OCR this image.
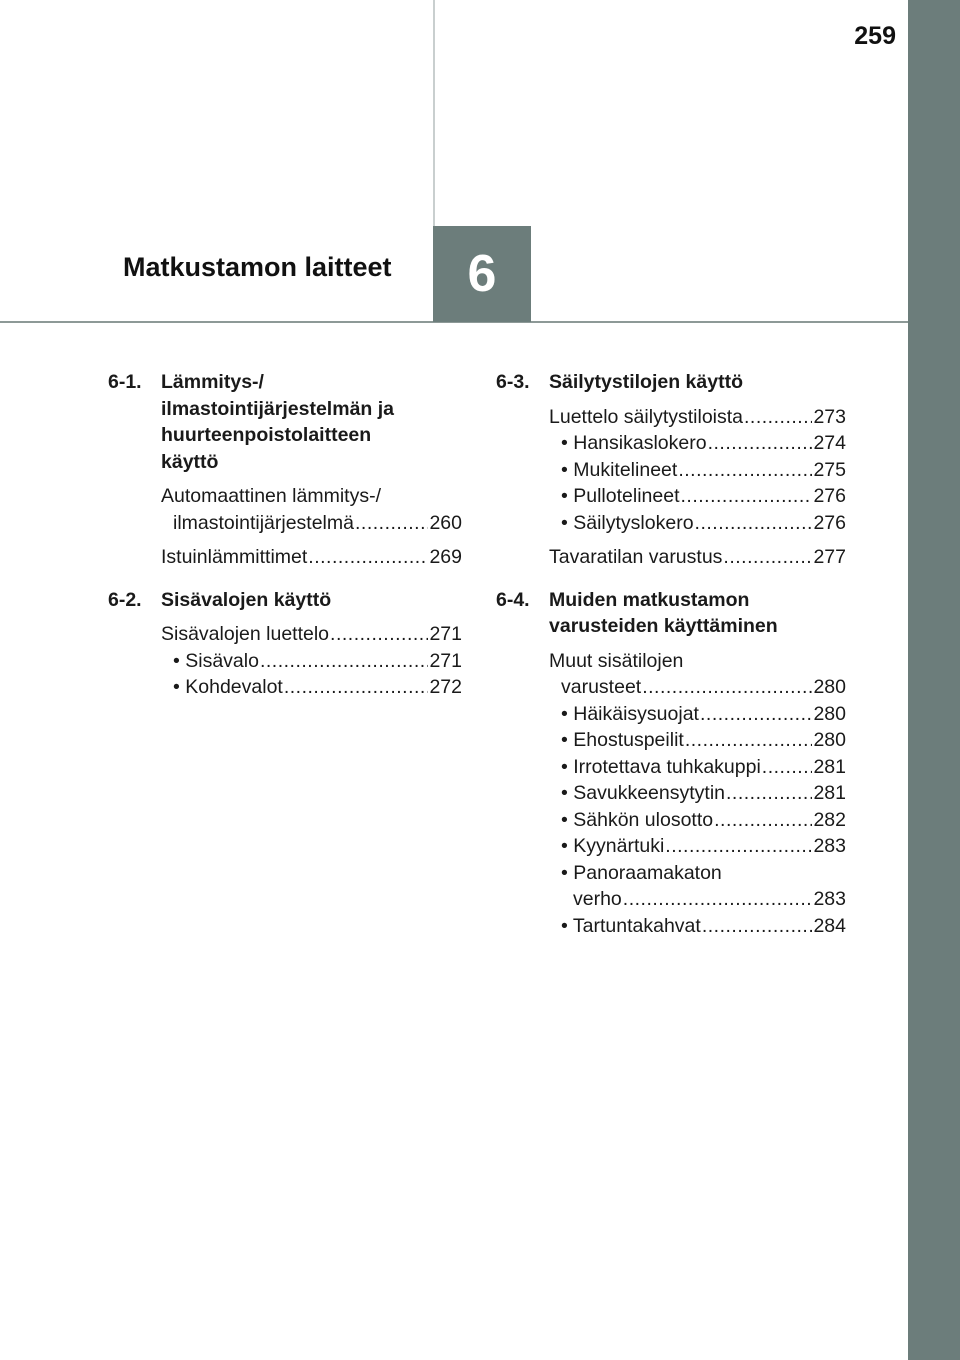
259
Matkustamon laitteet	6
6-1. Lämmitys-/
ilmastointijärjestelmän ja
huurteenpoistolaitteen
käyttö
Automaattinen lämmitys-/
ilmastointijärjestelmä .....	260
Istuinlämmittimet .....	269
6-2. Sisävalojen käyttö
Sisävalojen luettelo .....	271
• Sisävalo .....	271
• Kohdevalot .....	272
6-3. Säilytystilojen käyttö
Luettelo säilytystiloista .....	273
• Hansikaslokero .....	274
• Mukitelineet .....	275
• Pullotelineet .....	276
• Säilytyslokero .....	276
Tavaratilan varustus .....	277
6-4. Muiden matkustamon
varusteiden käyttäminen
Muut sisätilojen
varusteet .....	280
• Häikäisysuojat .....	280
• Ehostuspeilit .....	280
• Irrotettava tuhkakuppi .....	281
• Savukkeensytytin .....	281
• Sähkön ulosotto .....	282
• Kyynärtuki .....	283
• Panoraamakaton
verho .....	283
• Tartuntakahvat .....	284
